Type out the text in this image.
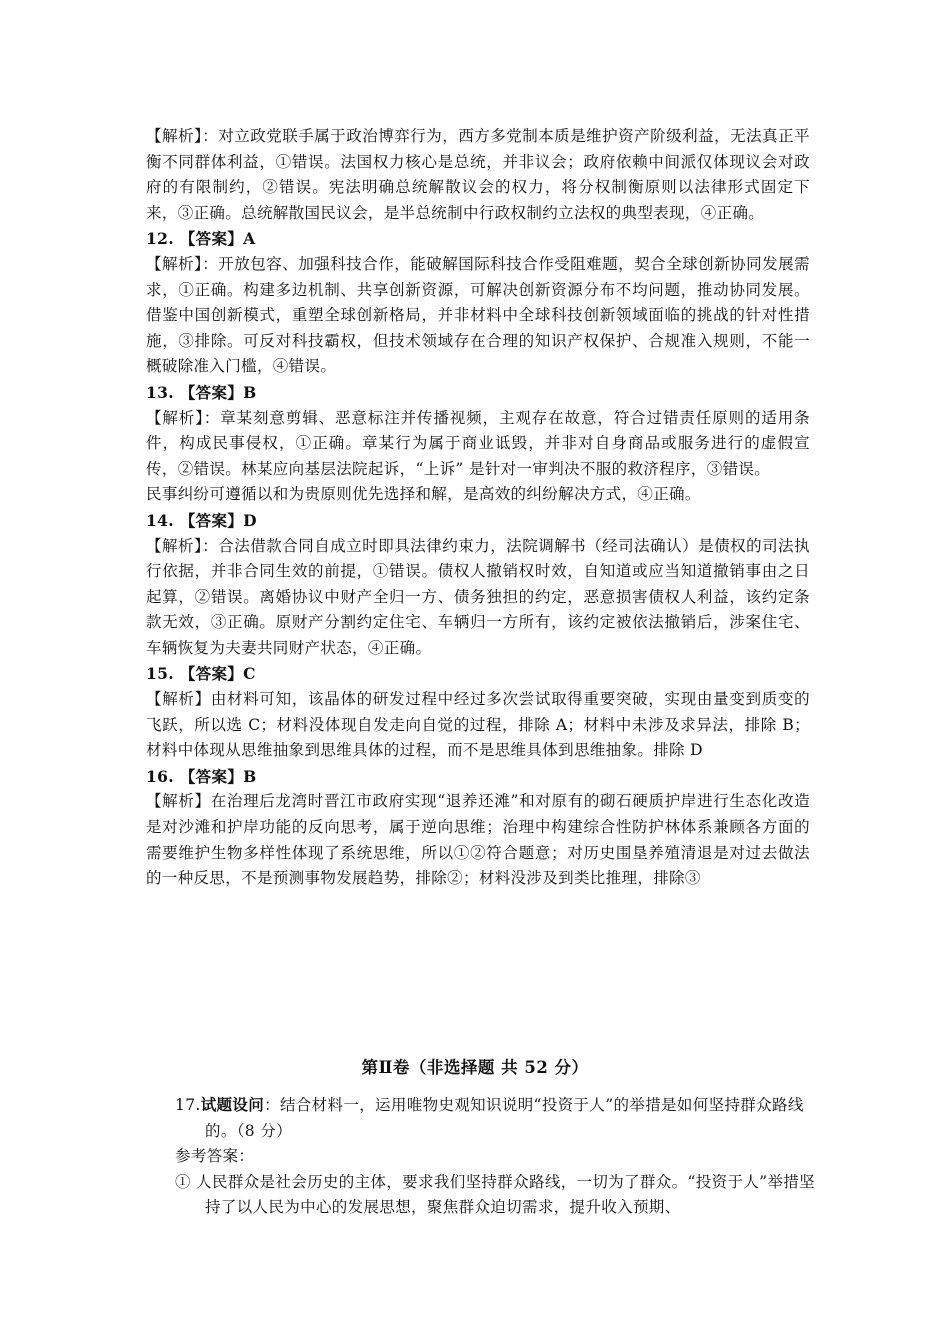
【解析】：对立政党联手属于政治博弈行为，西方多党制本质是维护资产阶级利益，无法真正平衡不同群体利益，①错误。法国权力核心是总统，并非议会；政府依赖中间派仅体现议会对政府的有限制约，②错误。宪法明确总统解散议会的权力，将分权制衡原则以法律形式固定下来，③正确。总统解散国民议会，是半总统制中行政权制约立法权的典型表现，④正确。

12. 【答案】A

【解析】：开放包容、加强科技合作，能破解国际科技合作受阻难题，契合全球创新协同发展需求，①正确。构建多边机制、共享创新资源，可解决创新资源分布不均问题，推动协同发展。借鉴中国创新模式，重塑全球创新格局，并非材料中全球科技创新领域面临的挑战的针对性措施，③排除。可反对科技霸权，但技术领域存在合理的知识产权保护、合规准入规则，不能一概破除准入门槛，④错误。

13. 【答案】B

【解析】：章某刻意剪辑、恶意标注并传播视频，主观存在故意，符合过错责任原则的适用条件，构成民事侵权，①正确。章某行为属于商业诋毁，并非对自身商品或服务进行的虚假宣传，②错误。林某应向基层法院起诉，“上诉” 是针对一审判决不服的救济程序，③错误。

民事纠纷可遵循以和为贵原则优先选择和解，是高效的纠纷解决方式，④正确。

14. 【答案】D

【解析】：合法借款合同自成立时即具法律约束力，法院调解书（经司法确认）是债权的司法执行依据，并非合同生效的前提，①错误。债权人撤销权时效，自知道或应当知道撤销事由之日起算，②错误。离婚协议中财产全归一方、债务独担的约定，恶意损害债权人利益，该约定条款无效，③正确。原财产分割约定住宅、车辆归一方所有，该约定被依法撤销后，涉案住宅、车辆恢复为夫妻共同财产状态，④正确。

15. 【答案】C

【解析】由材料可知，该晶体的研发过程中经过多次尝试取得重要突破，实现由量变到质变的飞跃，所以选 C；材料没体现自发走向自觉的过程，排除 A；材料中未涉及求异法，排除 B；材料中体现从思维抽象到思维具体的过程，而不是思维具体到思维抽象。排除 D

16. 【答案】B

【解析】在治理后龙湾时晋江市政府实现“退养还滩”和对原有的砌石硬质护岸进行生态化改造是对沙滩和护岸功能的反向思考，属于逆向思维；治理中构建综合性防护林体系兼顾各方面的需要维护生物多样性体现了系统思维，所以①②符合题意；对历史围垦养殖清退是对过去做法的一种反思，不是预测事物发展趋势，排除②；材料没涉及到类比推理，排除③

第Ⅱ卷（非选择题 共 52 分）

17.试题设问：结合材料一，运用唯物史观知识说明“投资于人”的举措是如何坚持群众路线的。（8 分）

参考答案：

① 人民群众是社会历史的主体，要求我们坚持群众路线，一切为了群众。“投资于人”举措坚持了以人民为中心的发展思想，聚焦群众迫切需求，提升收入预期、
